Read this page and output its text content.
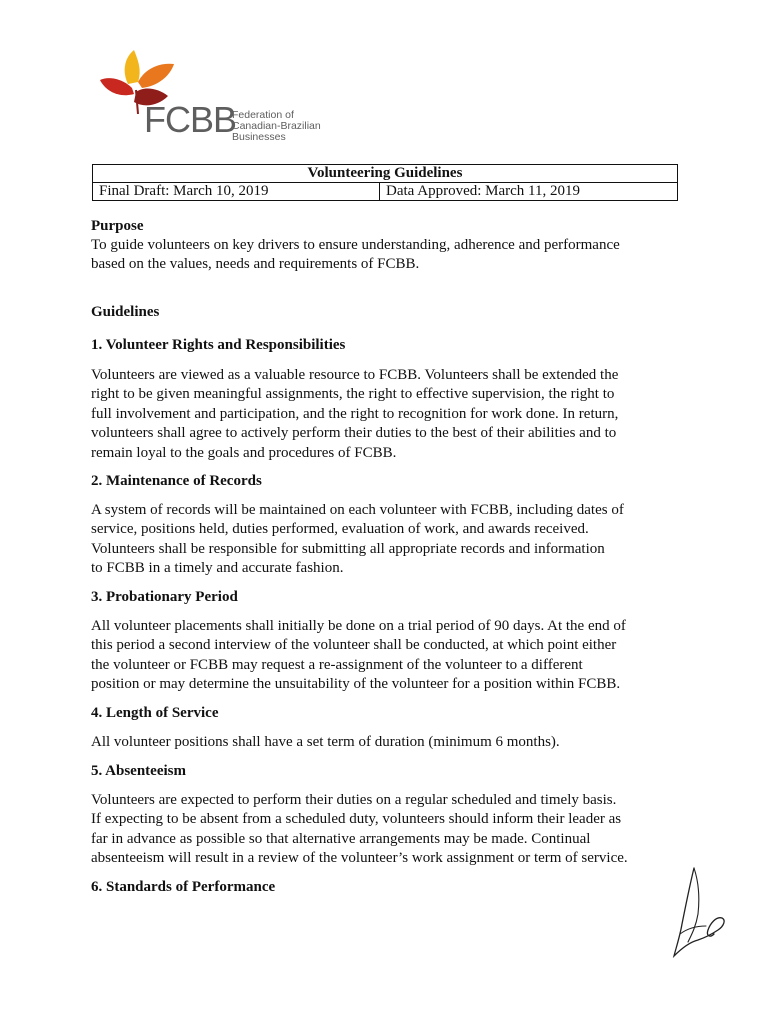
FCBB
Federation of
Canadian-Brazilian
Businesses
Volunteering Guidelines
Final Draft: March 10, 2019	Data Approved: March 11, 2019
Purpose
To guide volunteers on key drivers to ensure understanding, adherence and performance
based on the values, needs and requirements of FCBB.
Guidelines
1. Volunteer Rights and Responsibilities
Volunteers are viewed as a valuable resource to FCBB. Volunteers shall be extended the
right to be given meaningful assignments, the right to effective supervision, the right to
full involvement and participation, and the right to recognition for work done. In return,
volunteers shall agree to actively perform their duties to the best of their abilities and to
remain loyal to the goals and procedures of FCBB.
2. Maintenance of Records
A system of records will be maintained on each volunteer with FCBB, including dates of
service, positions held, duties performed, evaluation of work, and awards received.
Volunteers shall be responsible for submitting all appropriate records and information
to FCBB in a timely and accurate fashion.
3. Probationary Period
All volunteer placements shall initially be done on a trial period of 90 days. At the end of
this period a second interview of the volunteer shall be conducted, at which point either
the volunteer or FCBB may request a re-assignment of the volunteer to a different
position or may determine the unsuitability of the volunteer for a position within FCBB.
4. Length of Service
All volunteer positions shall have a set term of duration (minimum 6 months).
5. Absenteeism
Volunteers are expected to perform their duties on a regular scheduled and timely basis.
If expecting to be absent from a scheduled duty, volunteers should inform their leader as
far in advance as possible so that alternative arrangements may be made. Continual
absenteeism will result in a review of the volunteer’s work assignment or term of service.
6. Standards of Performance
